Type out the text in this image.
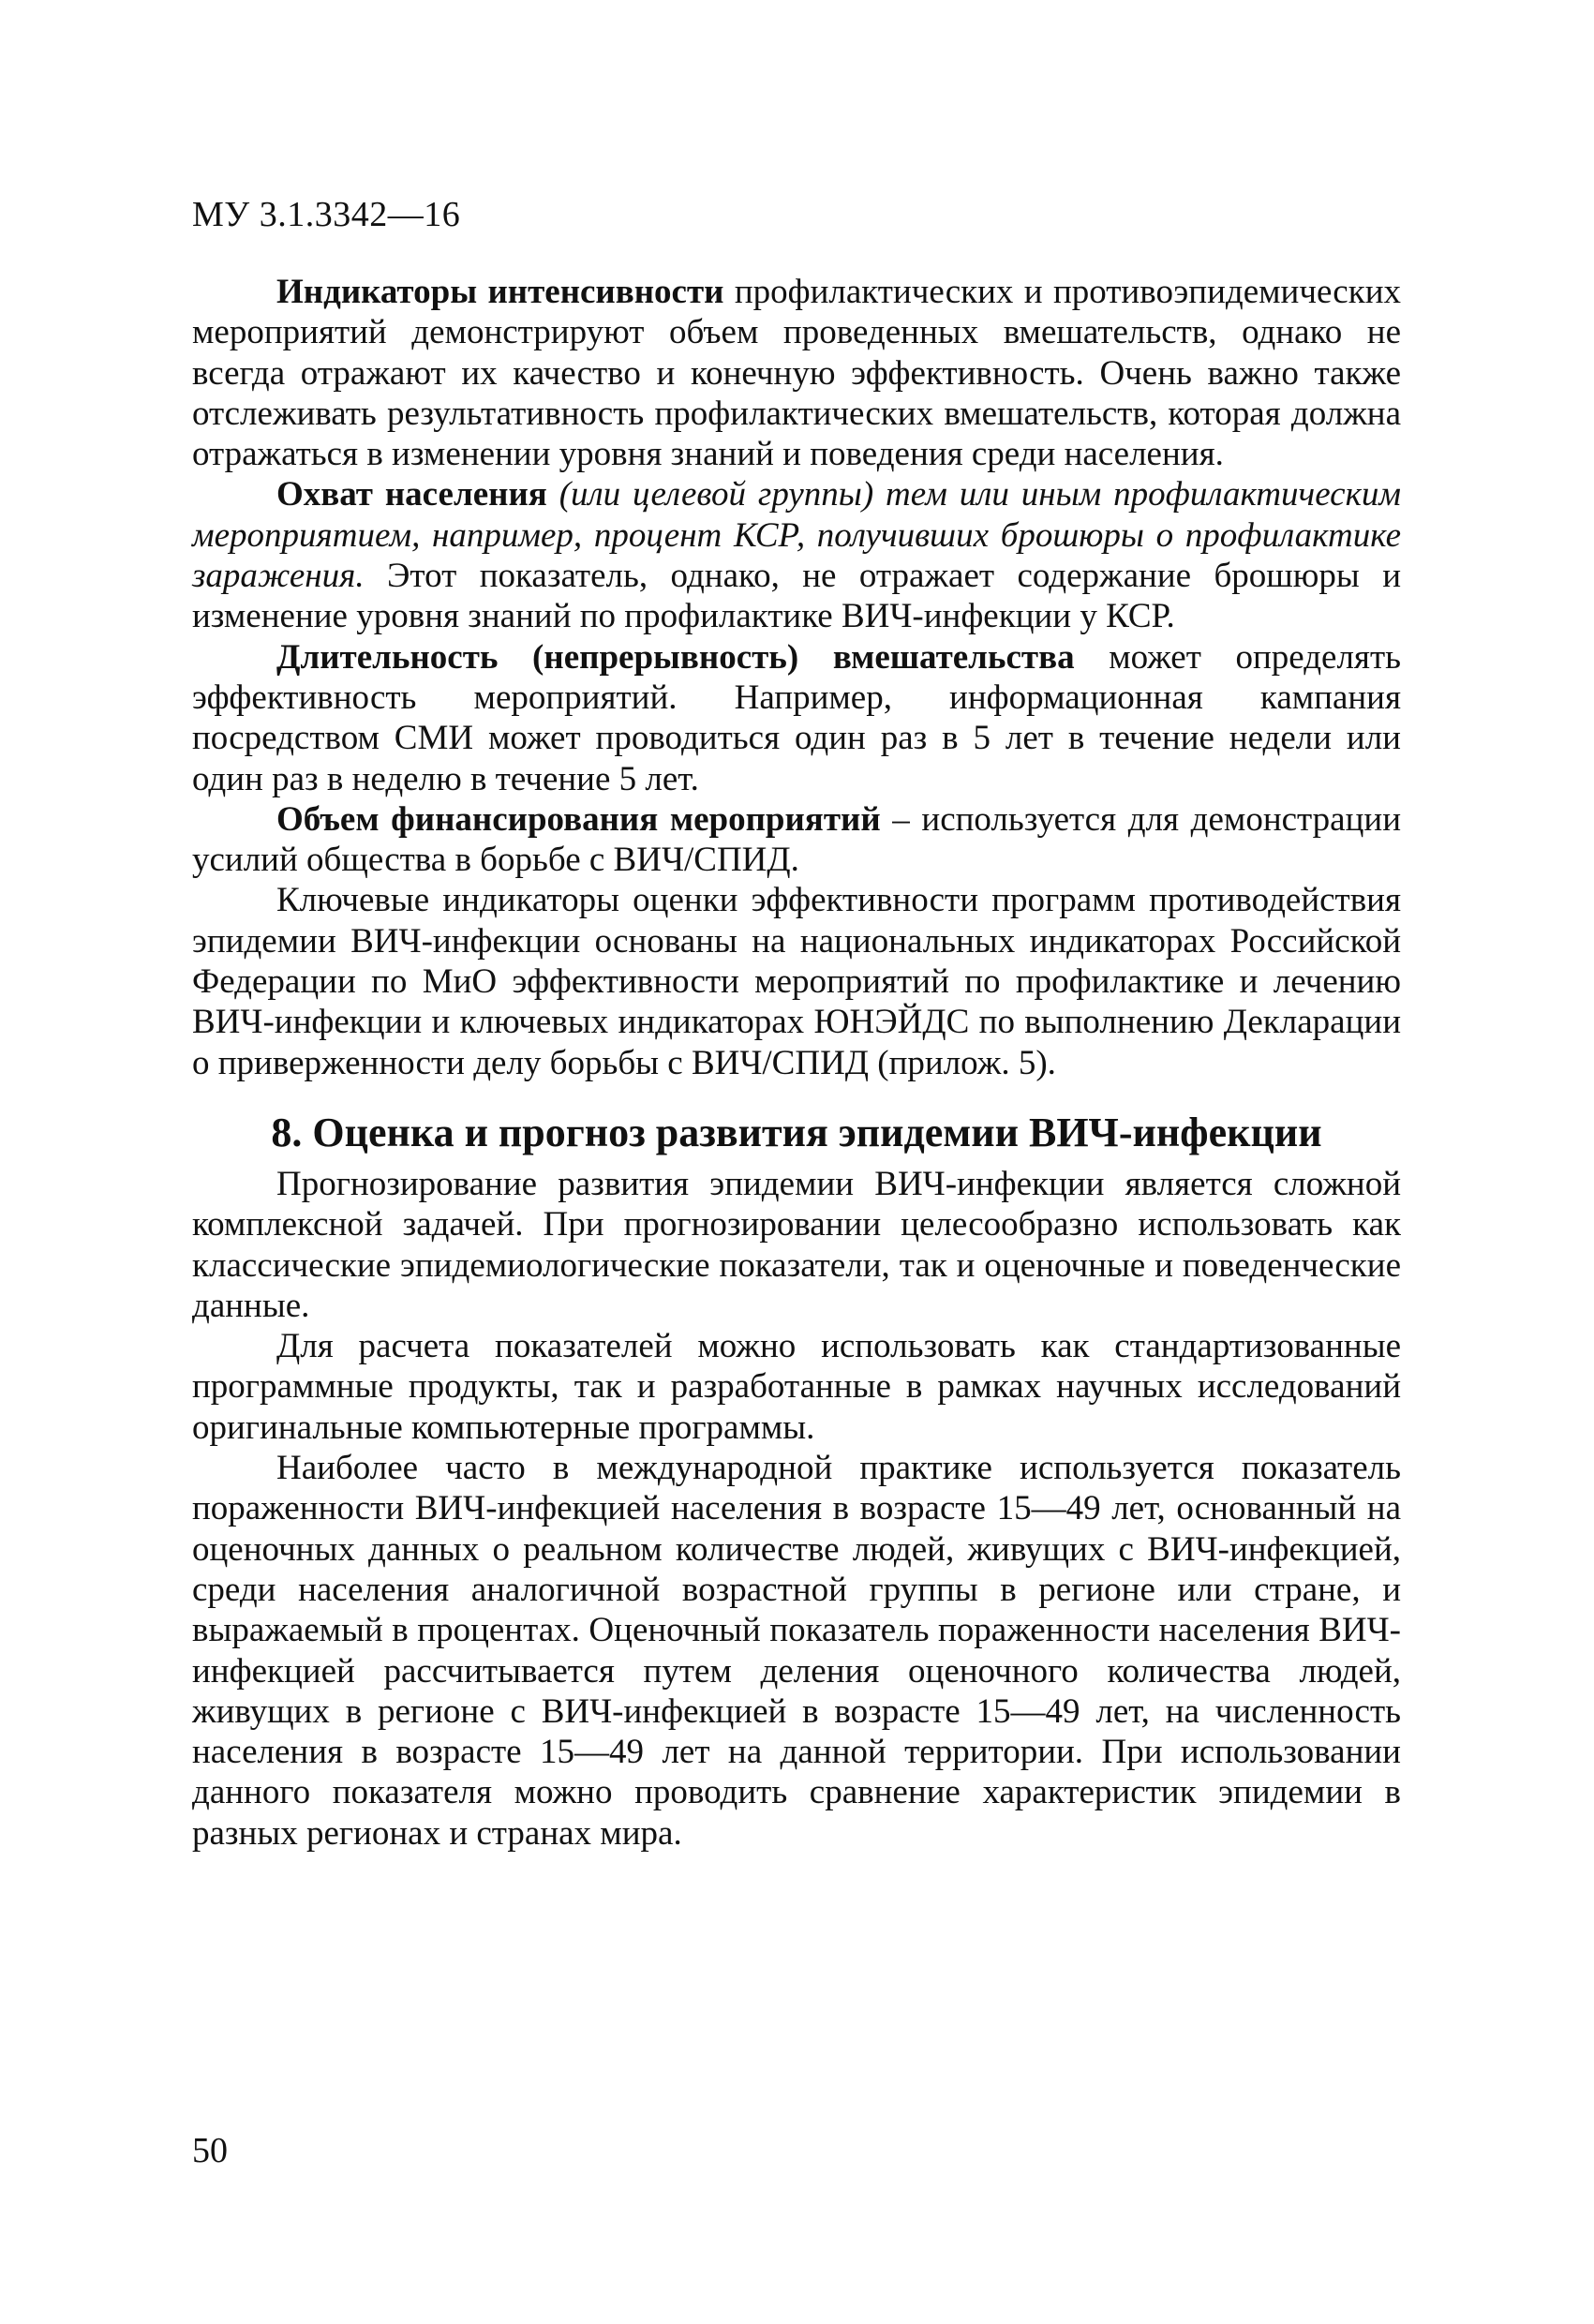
МУ 3.1.3342—16

Индикаторы интенсивности профилактических и противоэпидемических мероприятий демонстрируют объем проведенных вмешательств, однако не всегда отражают их качество и конечную эффективность. Очень важно также отслеживать результативность профилактических вмешательств, которая должна отражаться в изменении уровня знаний и поведения среди населения.

Охват населения (или целевой группы) тем или иным профилактическим мероприятием, например, процент КСР, получивших брошюры о профилактике заражения. Этот показатель, однако, не отражает содержание брошюры и изменение уровня знаний по профилактике ВИЧ-инфекции у КСР.

Длительность (непрерывность) вмешательства может определять эффективность мероприятий. Например, информационная кампания посредством СМИ может проводиться один раз в 5 лет в течение недели или один раз в неделю в течение 5 лет.

Объем финансирования мероприятий – используется для демонстрации усилий общества в борьбе с ВИЧ/СПИД.

Ключевые индикаторы оценки эффективности программ противодействия эпидемии ВИЧ-инфекции основаны на национальных индикаторах Российской Федерации по МиО эффективности мероприятий по профилактике и лечению ВИЧ-инфекции и ключевых индикаторах ЮНЭЙДС по выполнению Декларации о приверженности делу борьбы с ВИЧ/СПИД (прилож. 5).

8. Оценка и прогноз развития эпидемии ВИЧ-инфекции

Прогнозирование развития эпидемии ВИЧ-инфекции является сложной комплексной задачей. При прогнозировании целесообразно использовать как классические эпидемиологические показатели, так и оценочные и поведенческие данные.

Для расчета показателей можно использовать как стандартизованные программные продукты, так и разработанные в рамках научных исследований оригинальные компьютерные программы.

Наиболее часто в международной практике используется показатель пораженности ВИЧ-инфекцией населения в возрасте 15—49 лет, основанный на оценочных данных о реальном количестве людей, живущих с ВИЧ-инфекцией, среди населения аналогичной возрастной группы в регионе или стране, и выражаемый в процентах. Оценочный показатель пораженности населения ВИЧ-инфекцией рассчитывается путем деления оценочного количества людей, живущих в регионе с ВИЧ-инфекцией в возрасте 15—49 лет, на численность населения в возрасте 15—49 лет на данной территории. При использовании данного показателя можно проводить сравнение характеристик эпидемии в разных регионах и странах мира.

50
